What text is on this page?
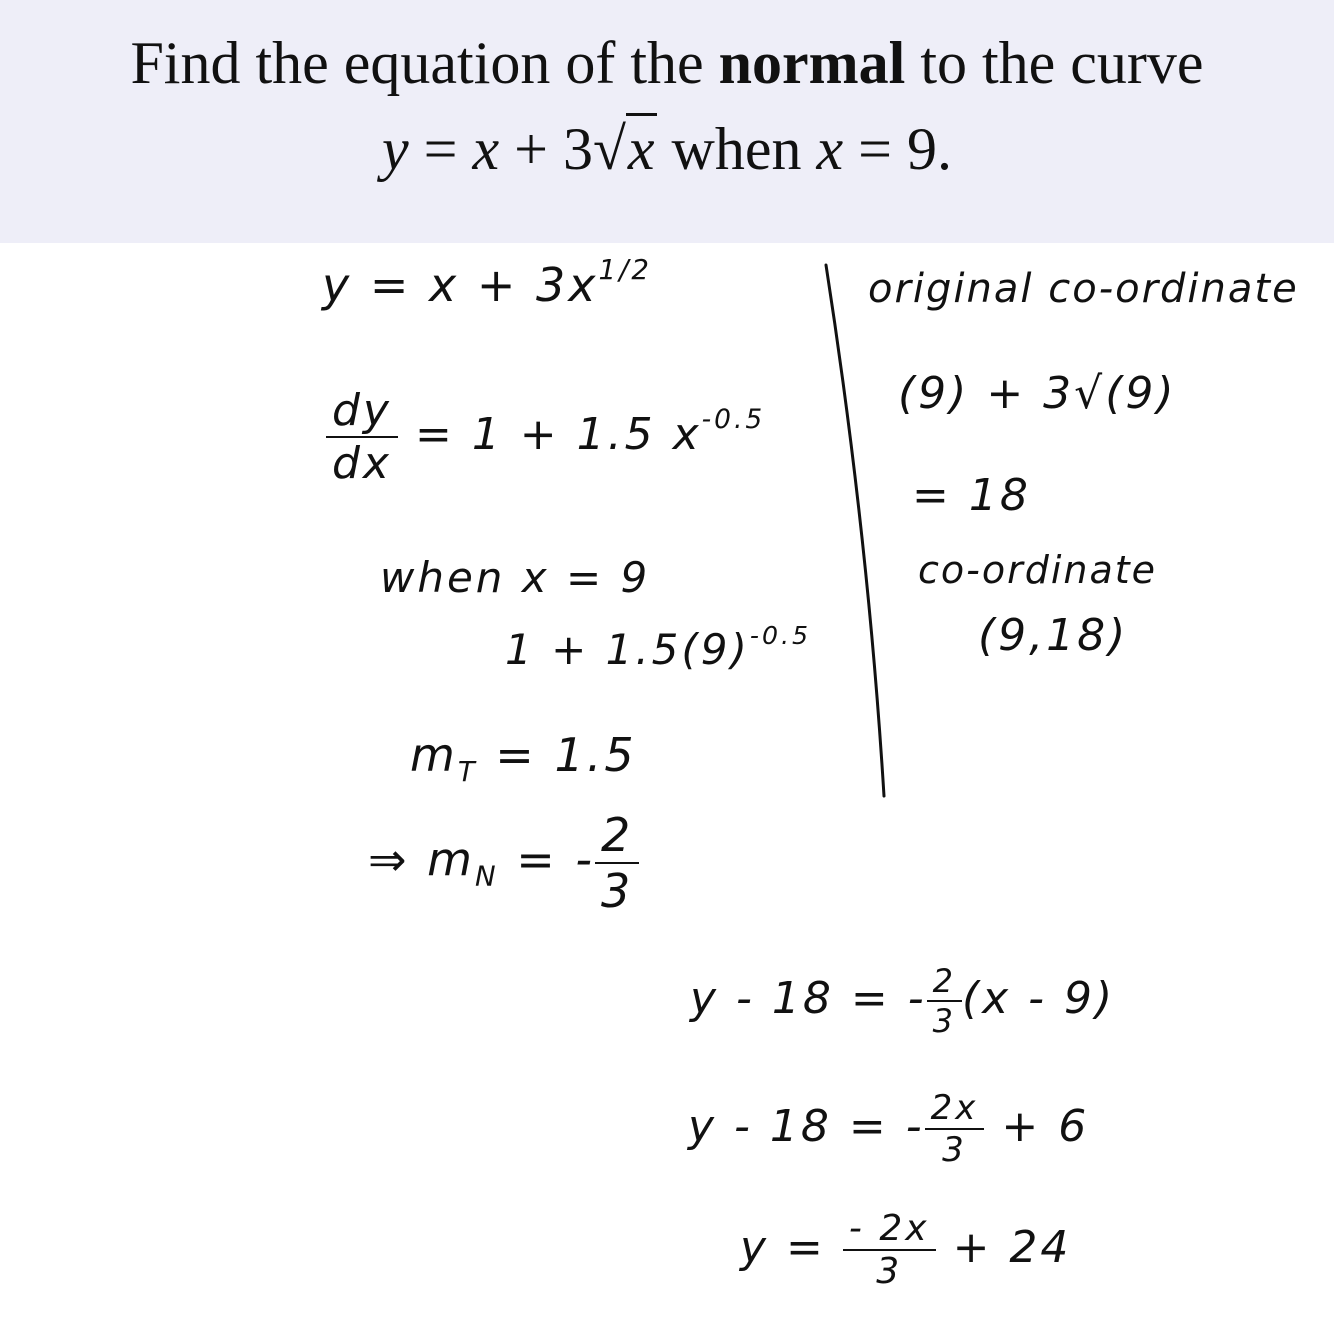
Find the equation of the normal to the curve
y = x + 3√x when x = 9.
$y = x + 3x^{1/2}$
$\frac{dy}{dx} = 1 + 1.5$ $x^{-0.5}$
when x = 9
$1 + 1.5(9)^{-0.5}$
$m_T = 1.5$
⇒ $m_N$ = - $\frac{2}{3}$
original co-ordinate
(9) + 3√(9)
= 18
co-ordinate
(9,18)
y - 18 = - $\frac{2}{3} (x - 9)$
y - 18 = - $\frac{2x}{3} + 6$
$y = \frac{- 2x}{3} + 24$
